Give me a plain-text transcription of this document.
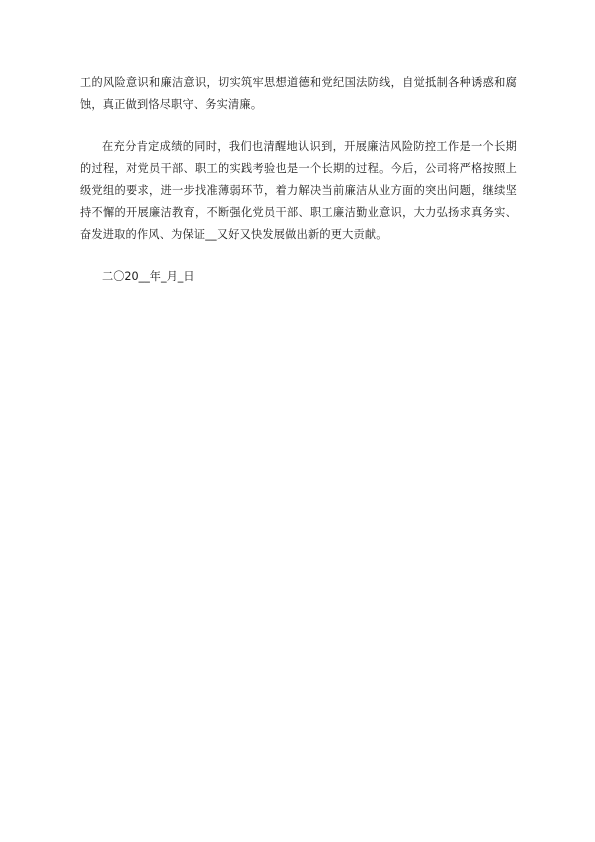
工的风险意识和廉洁意识，切实筑牢思想道德和党纪国法防线，自觉抵制各种诱惑和腐蚀，真正做到恪尽职守、务实清廉。

在充分肯定成绩的同时，我们也清醒地认识到，开展廉洁风险防控工作是一个长期的过程，对党员干部、职工的实践考验也是一个长期的过程。今后，公司将严格按照上级党组的要求，进一步找准薄弱环节，着力解决当前廉洁从业方面的突出问题，继续坚持不懈的开展廉洁教育，不断强化党员干部、职工廉洁勤业意识，大力弘扬求真务实、奋发进取的作风、为保证__又好又快发展做出新的更大贡献。

二〇20__年_月_日
